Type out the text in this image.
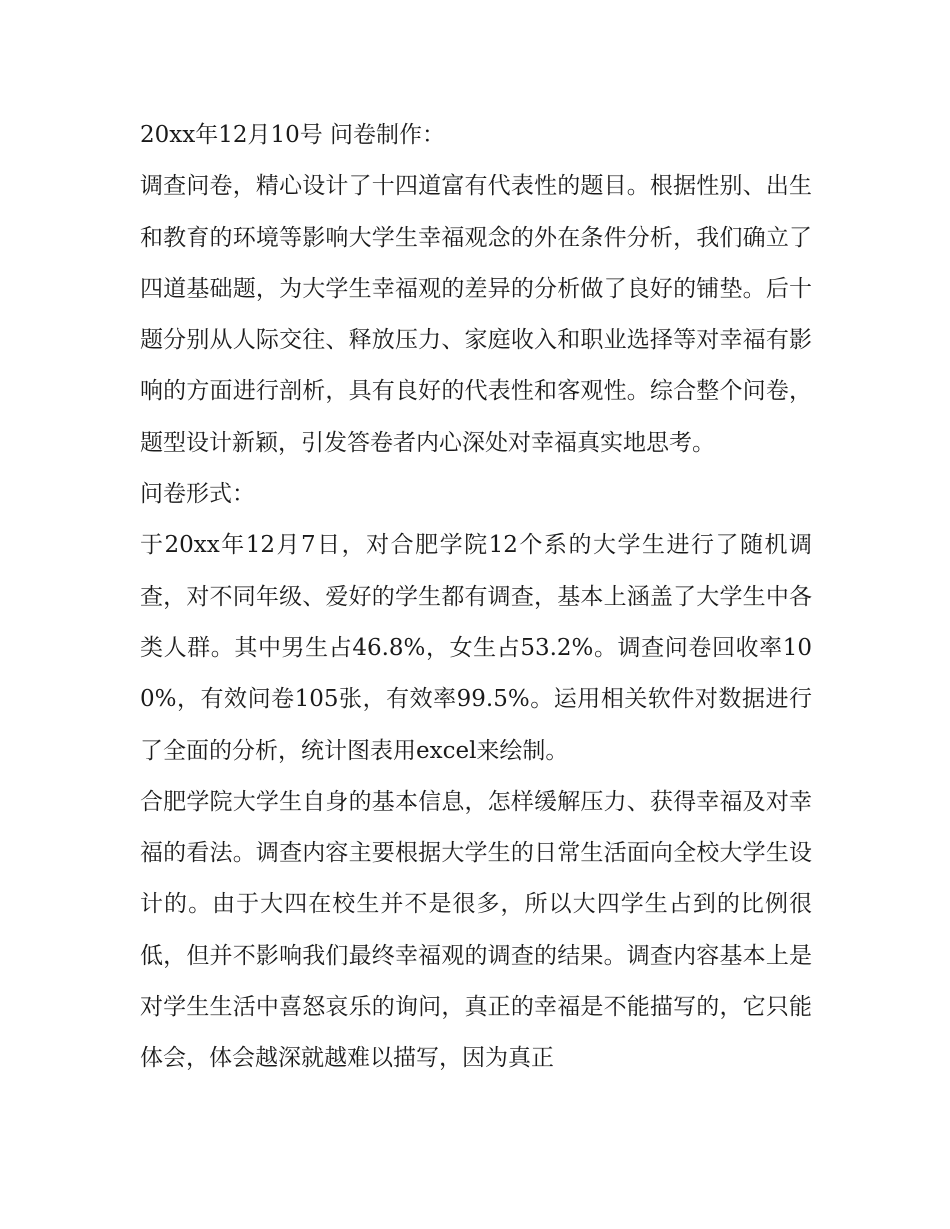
20xx年12月10号 问卷制作：

调查问卷，精心设计了十四道富有代表性的题目。根据性别、出生和教育的环境等影响大学生幸福观念的外在条件分析，我们确立了四道基础题，为大学生幸福观的差异的分析做了良好的铺垫。后十题分别从人际交往、释放压力、家庭收入和职业选择等对幸福有影响的方面进行剖析，具有良好的代表性和客观性。综合整个问卷，题型设计新颖，引发答卷者内心深处对幸福真实地思考。

问卷形式：

于20xx年12月7日，对合肥学院12个系的大学生进行了随机调查，对不同年级、爱好的学生都有调查，基本上涵盖了大学生中各类人群。其中男生占46.8%，女生占53.2%。调查问卷回收率100%，有效问卷105张，有效率99.5%。运用相关软件对数据进行了全面的分析，统计图表用excel来绘制。

合肥学院大学生自身的基本信息，怎样缓解压力、获得幸福及对幸福的看法。调查内容主要根据大学生的日常生活面向全校大学生设计的。由于大四在校生并不是很多，所以大四学生占到的比例很低，但并不影响我们最终幸福观的调查的结果。调查内容基本上是对学生生活中喜怒哀乐的询问，真正的幸福是不能描写的，它只能体会，体会越深就越难以描写，因为真正
